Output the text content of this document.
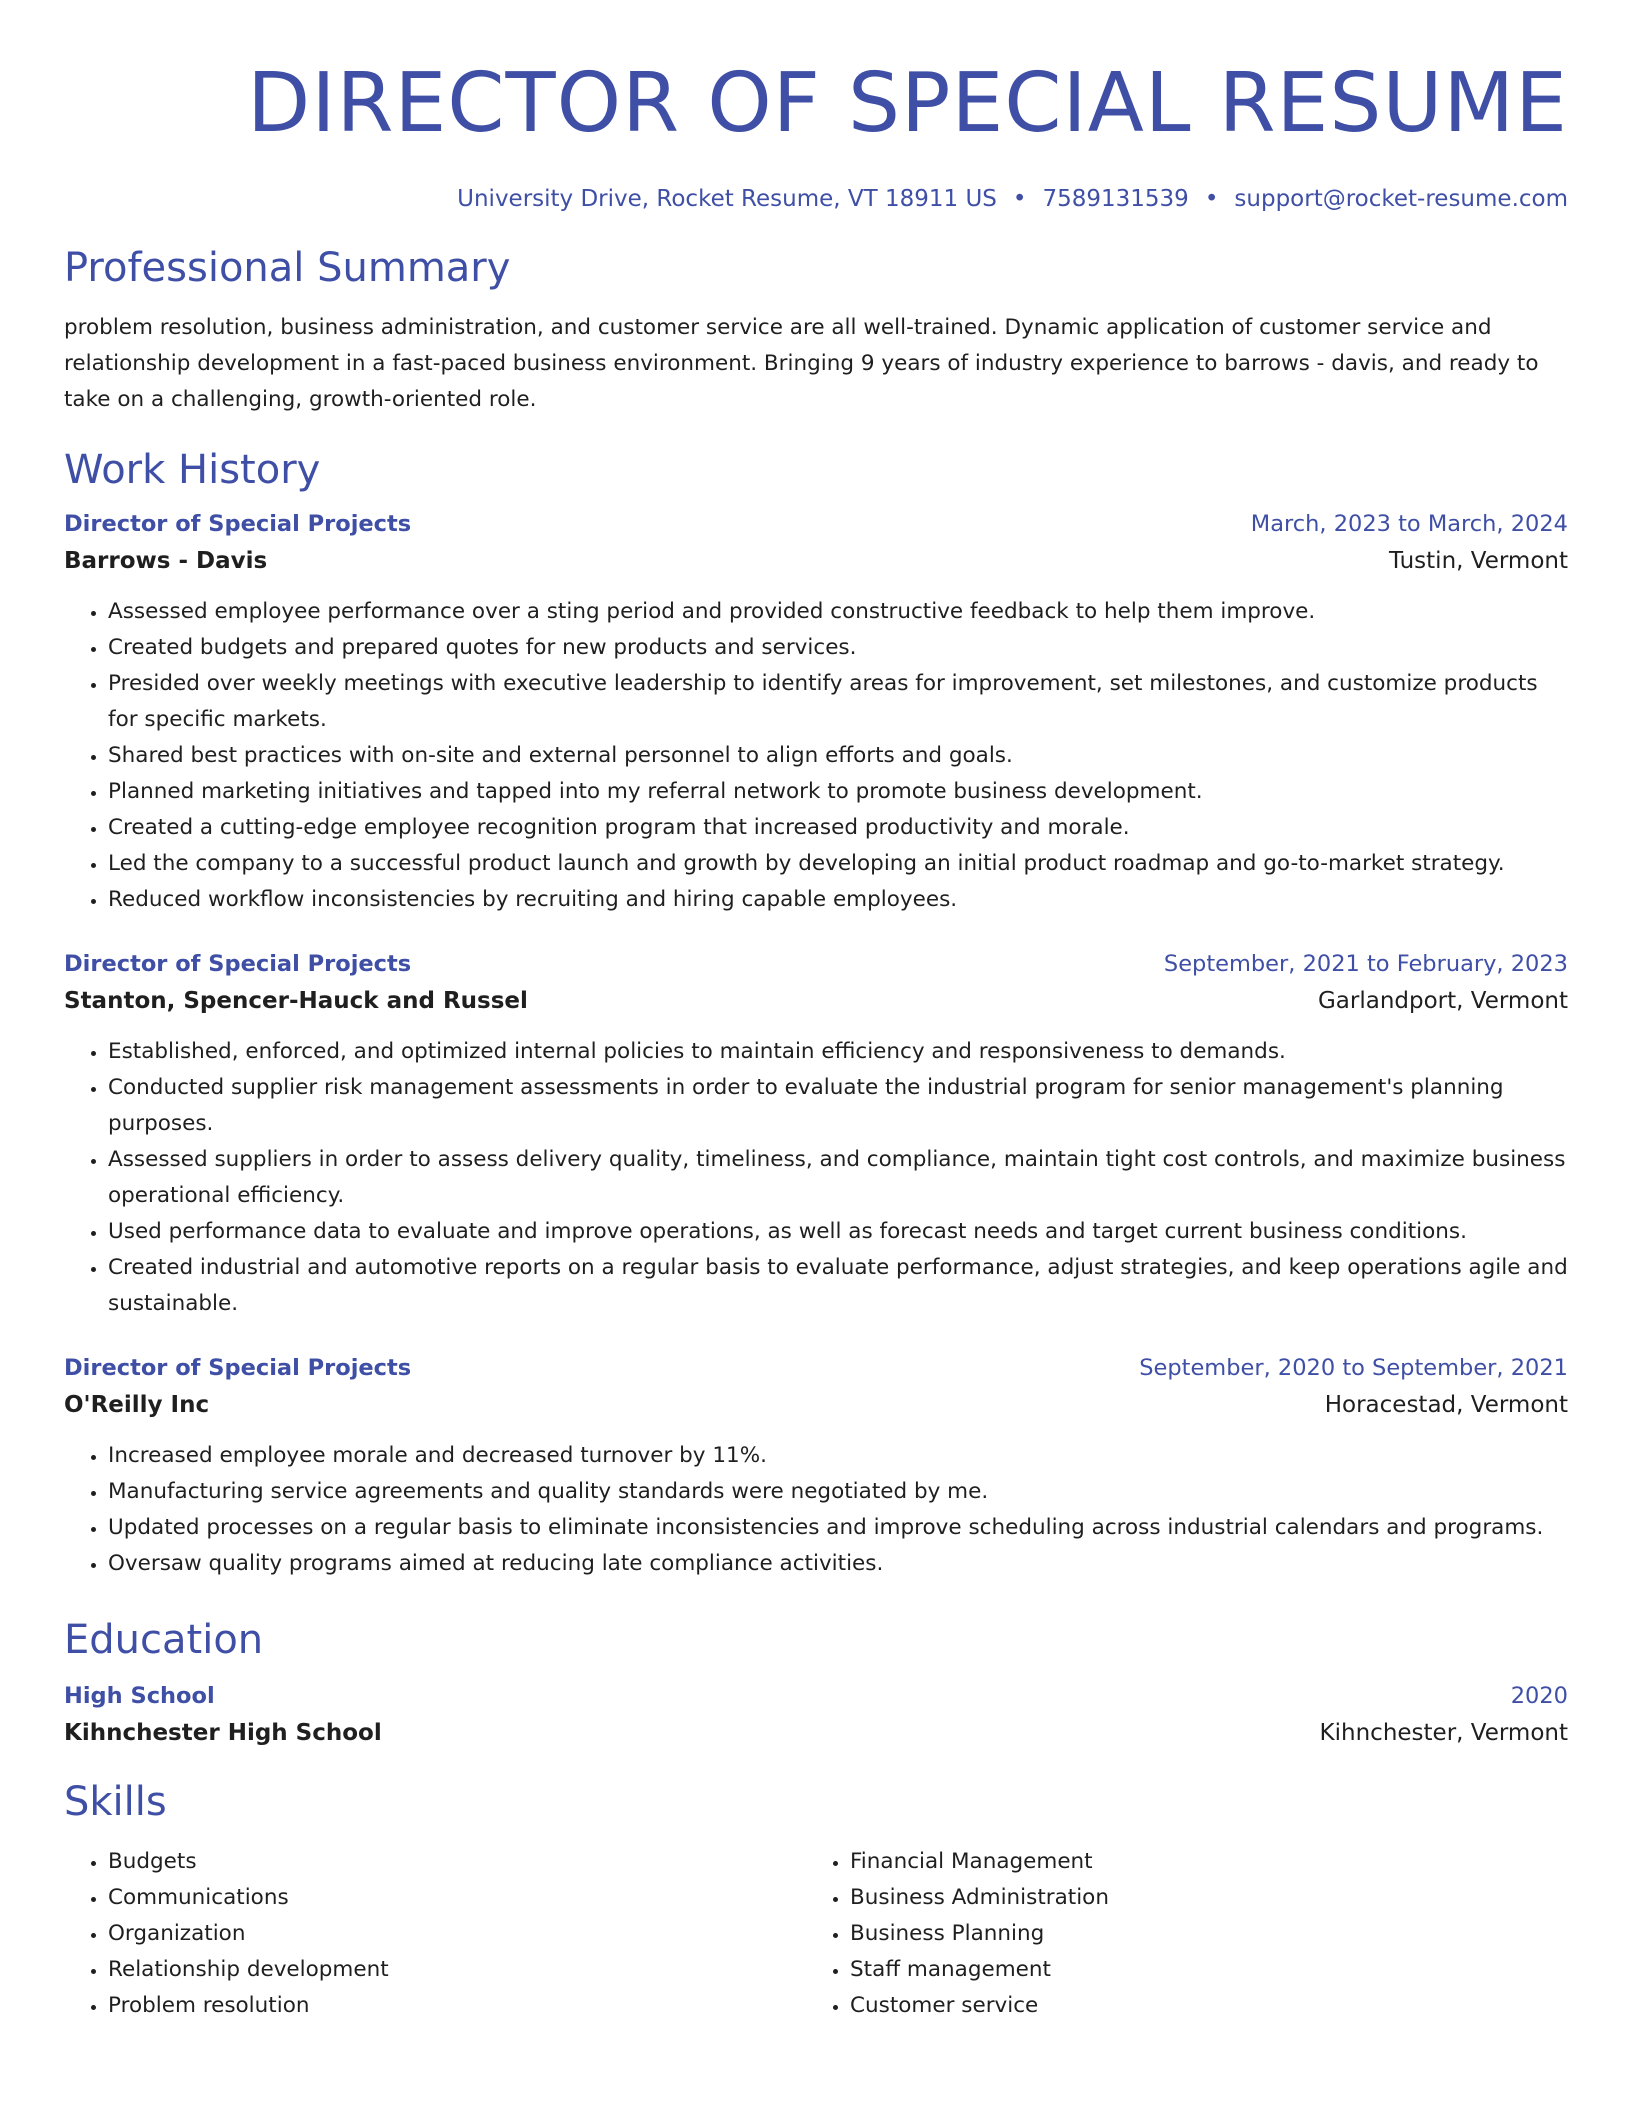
DIRECTOR OF SPECIAL RESUME
University Drive, Rocket Resume, VT 18911 US • 7589131539 • support@rocket-resume.com
Professional Summary

problem resolution, business administration, and customer service are all well-trained. Dynamic application of customer service and relationship development in a fast-paced business environment. Bringing 9 years of industry experience to barrows - davis, and ready to take on a challenging, growth-oriented role.

Work History
Director of Special Projects	March, 2023 to March, 2024
Barrows - Davis	Tustin, Vermont
• Assessed employee performance over a sting period and provided constructive feedback to help them improve.
• Created budgets and prepared quotes for new products and services.
• Presided over weekly meetings with executive leadership to identify areas for improvement, set milestones, and customize products for specific markets.
• Shared best practices with on-site and external personnel to align efforts and goals.
• Planned marketing initiatives and tapped into my referral network to promote business development.
• Created a cutting-edge employee recognition program that increased productivity and morale.
• Led the company to a successful product launch and growth by developing an initial product roadmap and go-to-market strategy.
• Reduced workflow inconsistencies by recruiting and hiring capable employees.
Director of Special Projects	September, 2021 to February, 2023
Stanton, Spencer-Hauck and Russel	Garlandport, Vermont
• Established, enforced, and optimized internal policies to maintain efficiency and responsiveness to demands.
• Conducted supplier risk management assessments in order to evaluate the industrial program for senior management's planning purposes.
• Assessed suppliers in order to assess delivery quality, timeliness, and compliance, maintain tight cost controls, and maximize business operational efficiency.
• Used performance data to evaluate and improve operations, as well as forecast needs and target current business conditions.
• Created industrial and automotive reports on a regular basis to evaluate performance, adjust strategies, and keep operations agile and sustainable.
Director of Special Projects	September, 2020 to September, 2021
O'Reilly Inc	Horacestad, Vermont
• Increased employee morale and decreased turnover by 11%.
• Manufacturing service agreements and quality standards were negotiated by me.
• Updated processes on a regular basis to eliminate inconsistencies and improve scheduling across industrial calendars and programs.
• Oversaw quality programs aimed at reducing late compliance activities.
Education
High School	2020
Kihnchester High School	Kihnchester, Vermont
Skills
• Budgets
• Communications
• Organization
• Relationship development
• Problem resolution
• Financial Management
• Business Administration
• Business Planning
• Staff management
• Customer service
